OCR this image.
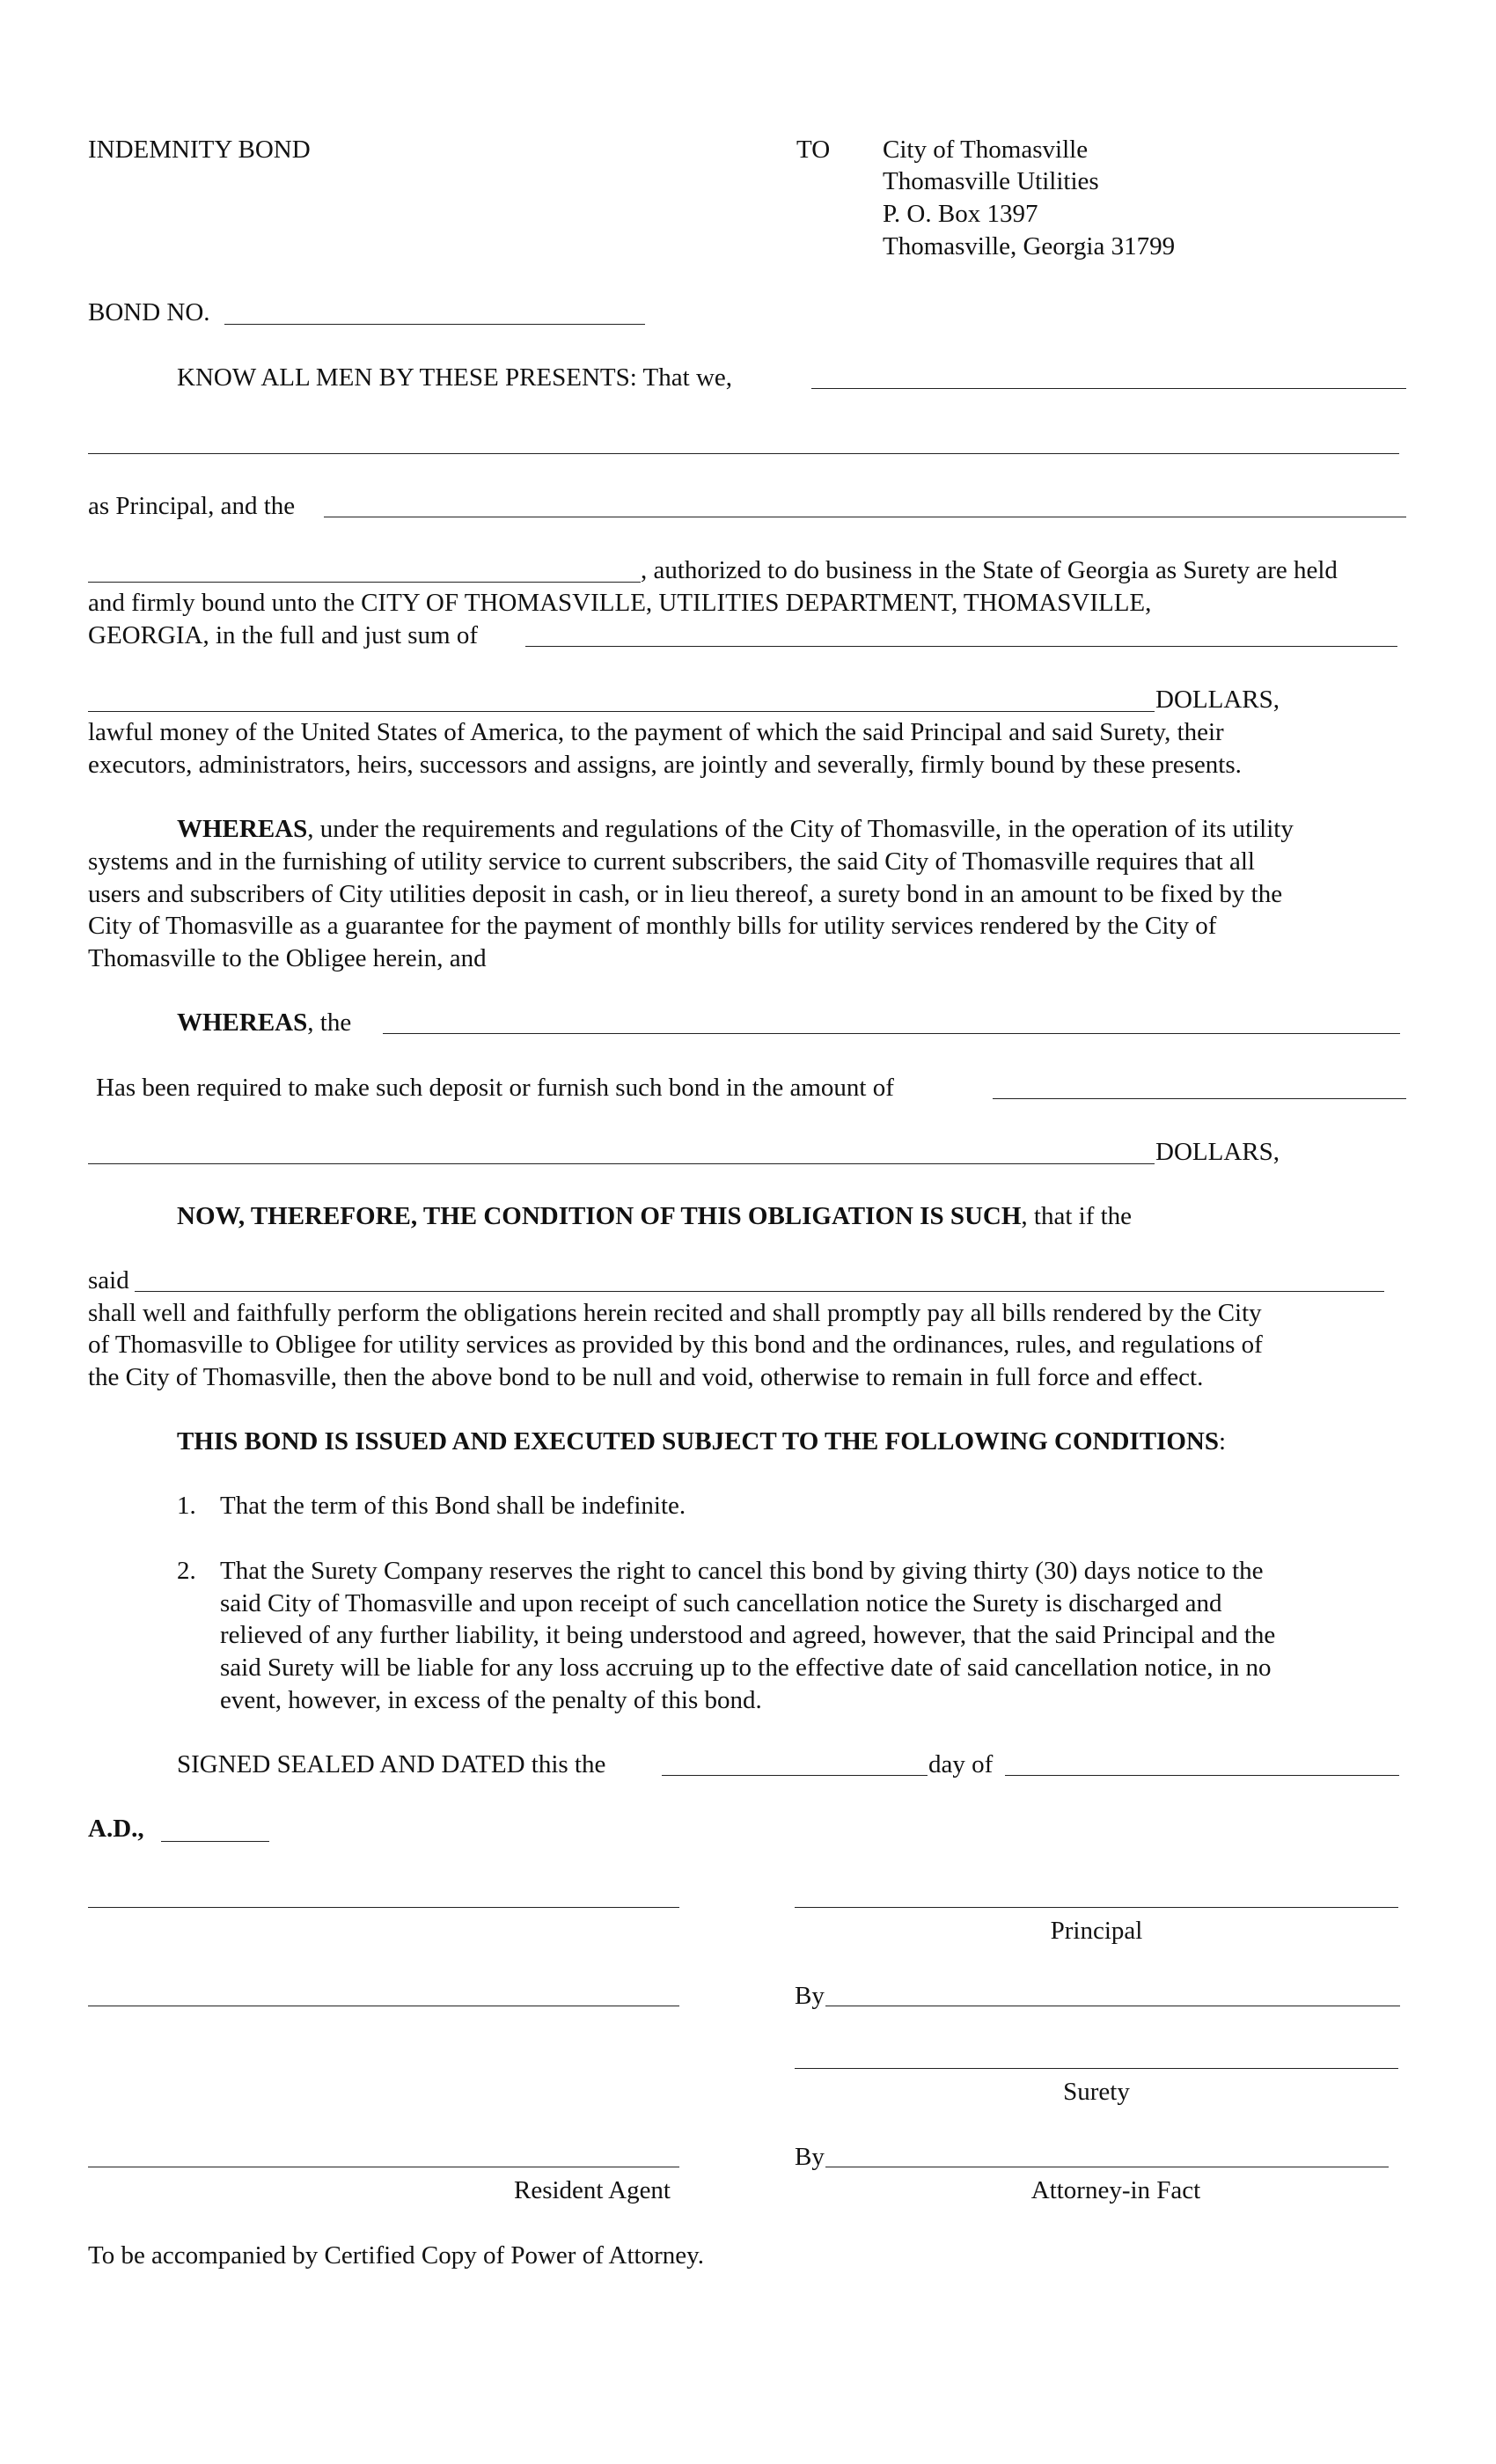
INDEMNITY BOND	TO City of Thomasville
Thomasville Utilities
P. O. Box 1397
Thomasville, Georgia 31799
BOND NO.
KNOW ALL MEN BY THESE PRESENTS: That we,
as Principal, and the
, authorized to do business in the State of Georgia as Surety are held
and firmly bound unto the CITY OF THOMASVILLE, UTILITIES DEPARTMENT, THOMASVILLE,
GEORGIA, in the full and just sum of
DOLLARS,
lawful money of the United States of America, to the payment of which the said Principal and said Surety, their
executors, administrators, heirs, successors and assigns, are jointly and severally, firmly bound by these presents.
WHEREAS, under the requirements and regulations of the City of Thomasville, in the operation of its utility
systems and in the furnishing of utility service to current subscribers, the said City of Thomasville requires that all
users and subscribers of City utilities deposit in cash, or in lieu thereof, a surety bond in an amount to be fixed by the
City of Thomasville as a guarantee for the payment of monthly bills for utility services rendered by the City of
Thomasville to the Obligee herein, and
WHEREAS, the
Has been required to make such deposit or furnish such bond in the amount of
DOLLARS,
NOW, THEREFORE, THE CONDITION OF THIS OBLIGATION IS SUCH, that if the
said
shall well and faithfully perform the obligations herein recited and shall promptly pay all bills rendered by the City
of Thomasville to Obligee for utility services as provided by this bond and the ordinances, rules, and regulations of
the City of Thomasville, then the above bond to be null and void, otherwise to remain in full force and effect.
THIS BOND IS ISSUED AND EXECUTED SUBJECT TO THE FOLLOWING CONDITIONS:
1. That the term of this Bond shall be indefinite.
2. That the Surety Company reserves the right to cancel this bond by giving thirty (30) days notice to the
said City of Thomasville and upon receipt of such cancellation notice the Surety is discharged and
relieved of any further liability, it being understood and agreed, however, that the said Principal and the
said Surety will be liable for any loss accruing up to the effective date of said cancellation notice, in no
event, however, in excess of the penalty of this bond.
SIGNED SEALED AND DATED this the	day of
A.D.,
Principal
By
Surety
By
Resident Agent	Attorney-in Fact
To be accompanied by Certified Copy of Power of Attorney.
